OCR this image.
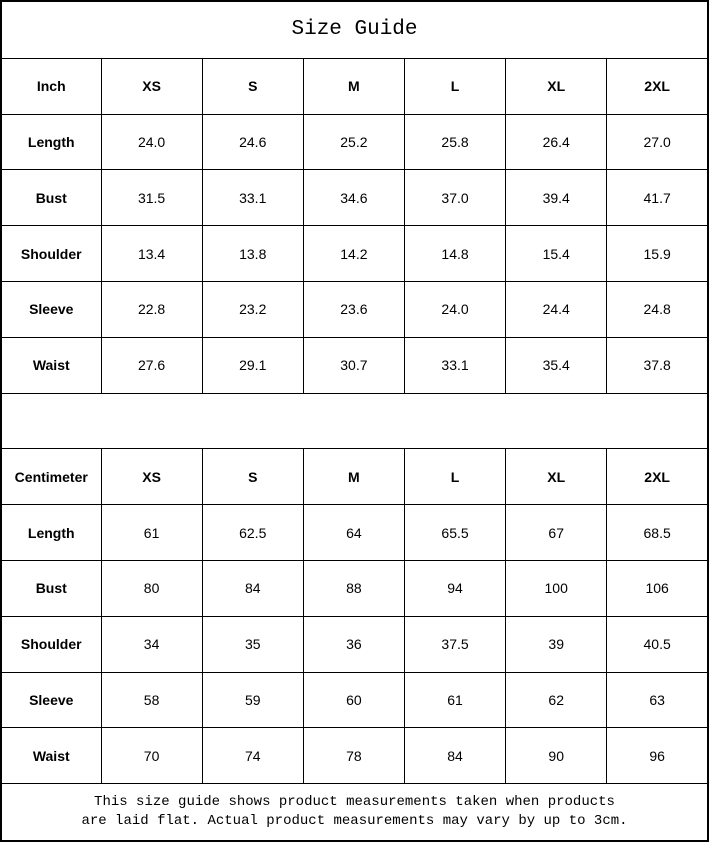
Size Guide						
Inch	XS	S	M	L	XL	2XL
Length	24.0	24.6	25.2	25.8	26.4	27.0
Bust	31.5	33.1	34.6	37.0	39.4	41.7
Shoulder	13.4	13.8	14.2	14.8	15.4	15.9
Sleeve	22.8	23.2	23.6	24.0	24.4	24.8
Waist	27.6	29.1	30.7	33.1	35.4	37.8

Centimeter	XS	S	M	L	XL	2XL
Length	61	62.5	64	65.5	67	68.5
Bust	80	84	88	94	100	106
Shoulder	34	35	36	37.5	39	40.5
Sleeve	58	59	60	61	62	63
Waist	70	74	78	84	90	96

This size guide shows product measurements taken when products
are laid flat. Actual product measurements may vary by up to 3cm.						
